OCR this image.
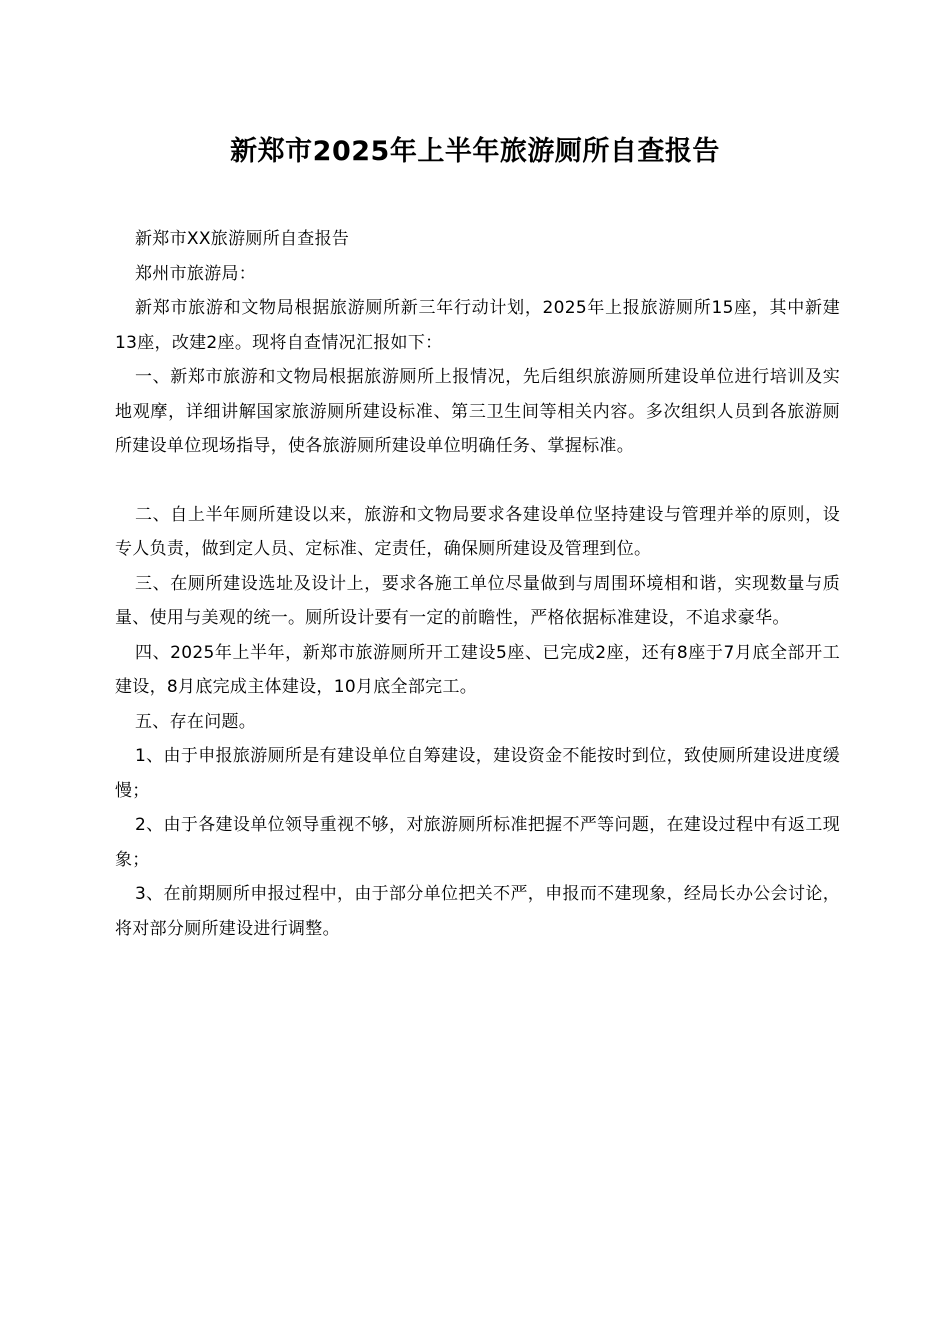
新郑市2025年上半年旅游厕所自查报告

新郑市XX旅游厕所自查报告

郑州市旅游局：

新郑市旅游和文物局根据旅游厕所新三年行动计划，2025年上报旅游厕所15座，其中新建13座，改建2座。现将自查情况汇报如下：

一、新郑市旅游和文物局根据旅游厕所上报情况，先后组织旅游厕所建设单位进行培训及实地观摩，详细讲解国家旅游厕所建设标准、第三卫生间等相关内容。多次组织人员到各旅游厕所建设单位现场指导，使各旅游厕所建设单位明确任务、掌握标准。

二、自上半年厕所建设以来，旅游和文物局要求各建设单位坚持建设与管理并举的原则，设专人负责，做到定人员、定标准、定责任，确保厕所建设及管理到位。

三、在厕所建设选址及设计上，要求各施工单位尽量做到与周围环境相和谐，实现数量与质量、使用与美观的统一。厕所设计要有一定的前瞻性，严格依据标准建设，不追求豪华。

四、2025年上半年，新郑市旅游厕所开工建设5座、已完成2座，还有8座于7月底全部开工建设，8月底完成主体建设，10月底全部完工。

五、存在问题。

1、由于申报旅游厕所是有建设单位自筹建设，建设资金不能按时到位，致使厕所建设进度缓慢；

2、由于各建设单位领导重视不够，对旅游厕所标准把握不严等问题，在建设过程中有返工现象；

3、在前期厕所申报过程中，由于部分单位把关不严，申报而不建现象，经局长办公会讨论，将对部分厕所建设进行调整。
